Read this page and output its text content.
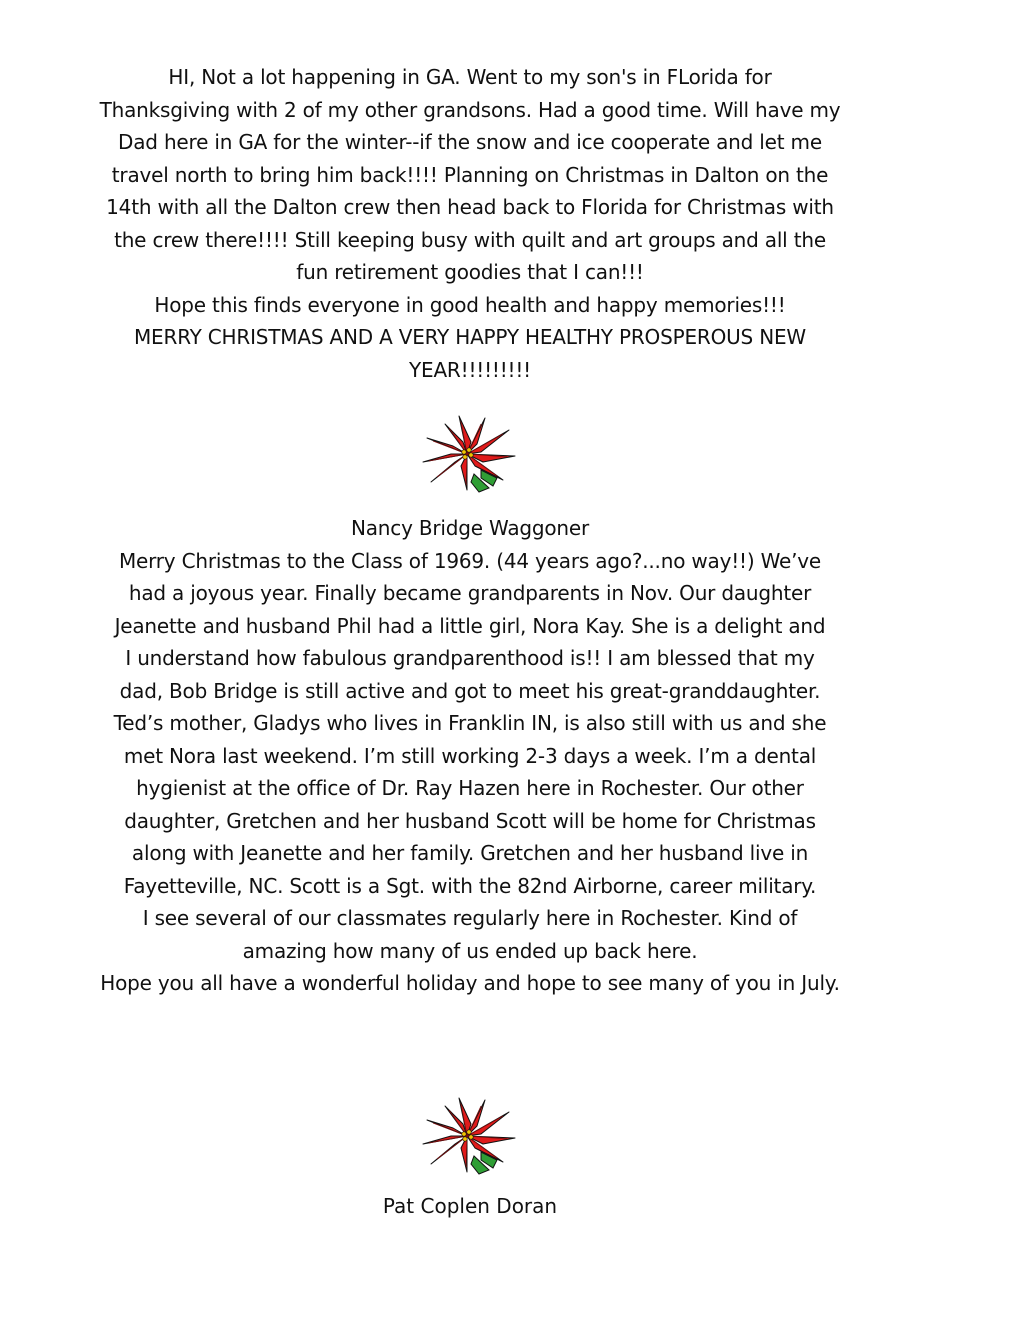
HI, Not a lot happening in GA. Went to my son's in FLorida for
Thanksgiving with 2 of my other grandsons. Had a good time. Will have my
Dad here in GA for the winter--if the snow and ice cooperate and let me
travel north to bring him back!!!! Planning on Christmas in Dalton on the
14th with all the Dalton crew then head back to Florida for Christmas with
the crew there!!!! Still keeping busy with quilt and art groups and all the
fun retirement goodies that I can!!!
Hope this finds everyone in good health and happy memories!!!
MERRY CHRISTMAS AND A VERY HAPPY HEALTHY PROSPEROUS NEW
YEAR!!!!!!!!!
Nancy Bridge Waggoner
Merry Christmas to the Class of 1969. (44 years ago?...no way!!) We’ve
had a joyous year. Finally became grandparents in Nov. Our daughter
Jeanette and husband Phil had a little girl, Nora Kay. She is a delight and
I understand how fabulous grandparenthood is!! I am blessed that my
dad, Bob Bridge is still active and got to meet his great-granddaughter.
Ted’s mother, Gladys who lives in Franklin IN, is also still with us and she
met Nora last weekend. I’m still working 2-3 days a week. I’m a dental
hygienist at the office of Dr. Ray Hazen here in Rochester. Our other
daughter, Gretchen and her husband Scott will be home for Christmas
along with Jeanette and her family. Gretchen and her husband live in
Fayetteville, NC. Scott is a Sgt. with the 82nd Airborne, career military.
I see several of our classmates regularly here in Rochester. Kind of
amazing how many of us ended up back here.
Hope you all have a wonderful holiday and hope to see many of you in July.
Pat Coplen Doran
